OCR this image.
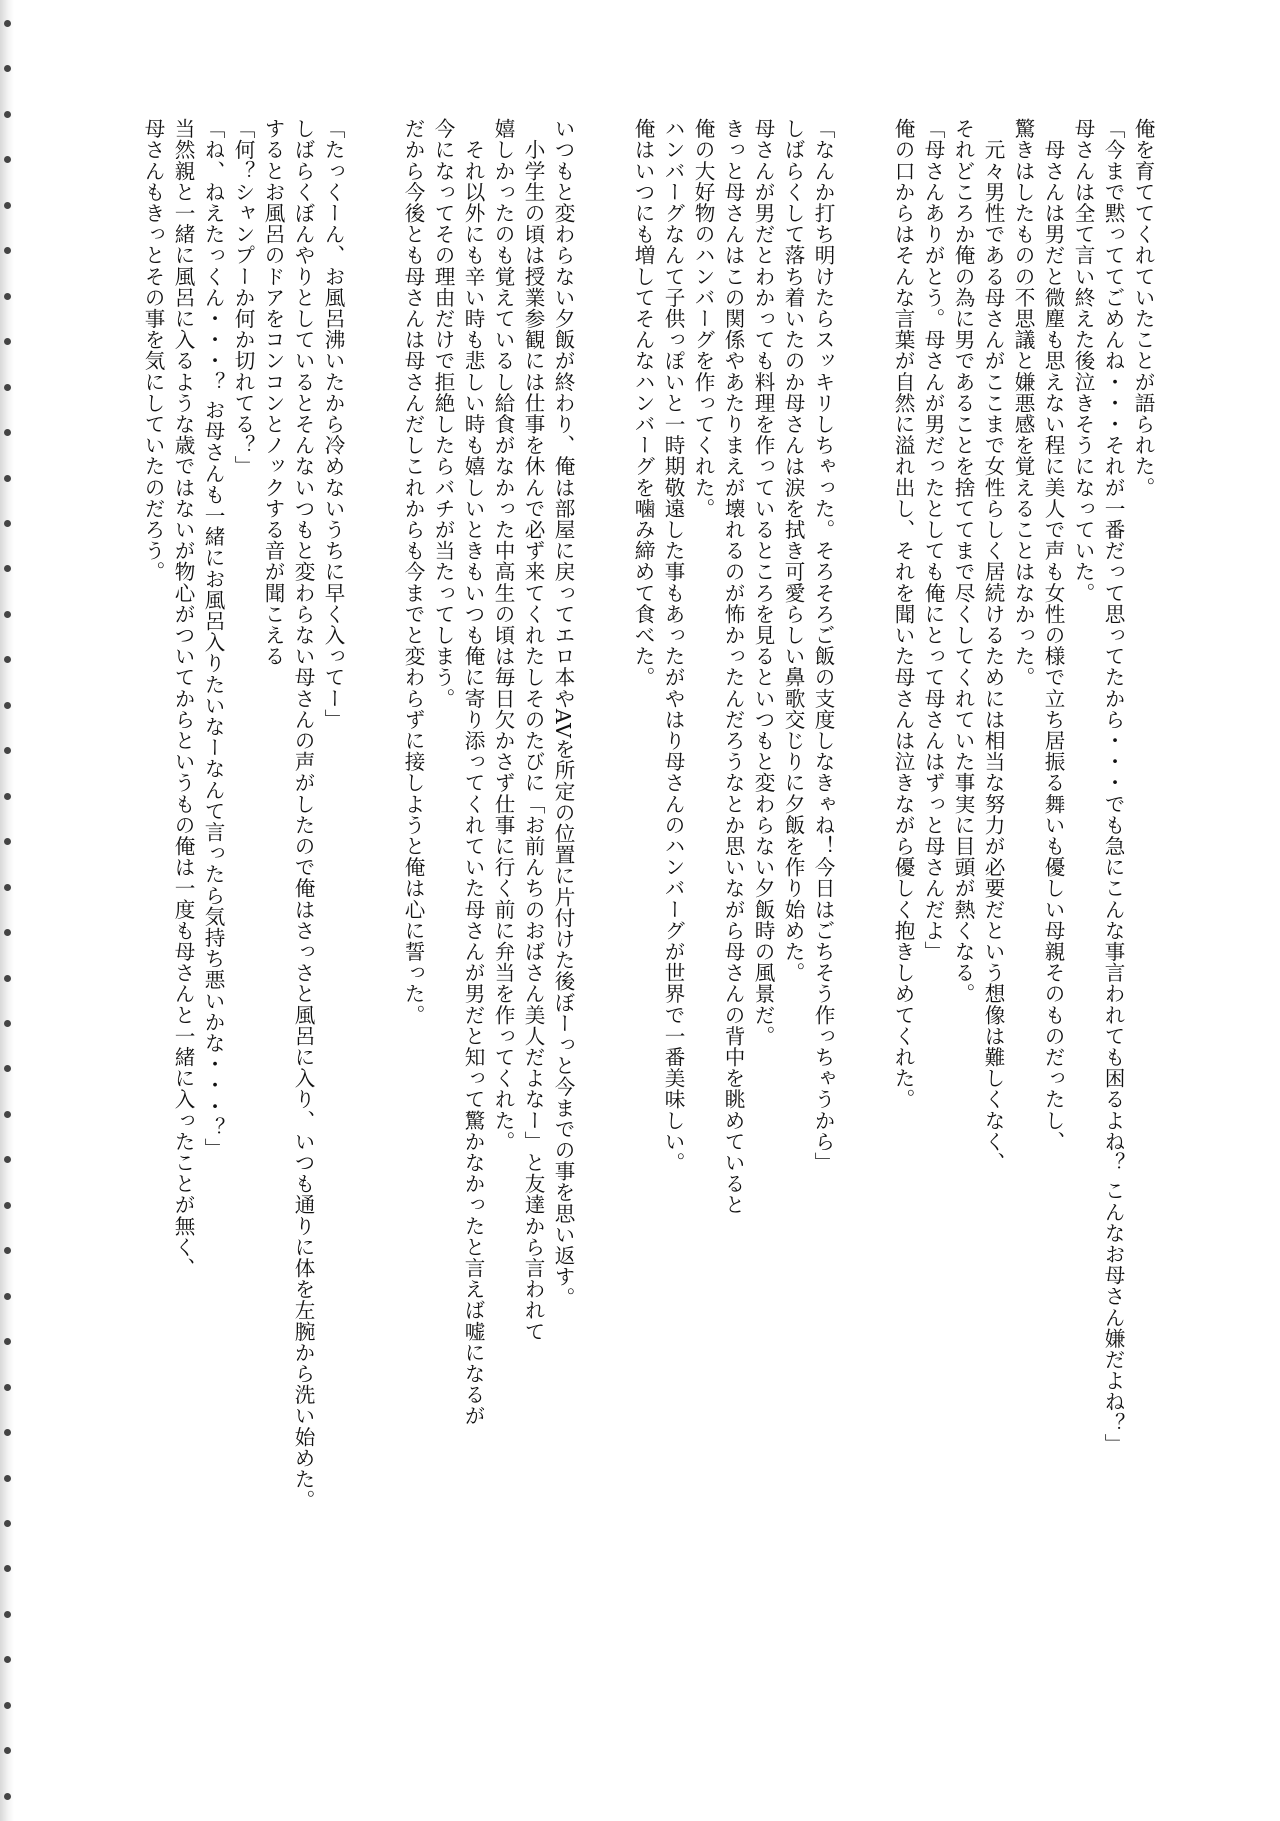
俺を育ててくれていたことが語られた。

「今まで黙っててごめんね・・・それが一番だって思ってたから・・・でも急にこんな事言われても困るよね？ こんなお母さん嫌だよね？」

母さんは全て言い終えた後泣きそうになっていた。

　母さんは男だと微塵も思えない程に美人で声も女性の様で立ち居振る舞いも優しい母親そのものだったし、

驚きはしたものの不思議と嫌悪感を覚えることはなかった。

　元々男性である母さんがここまで女性らしく居続けるためには相当な努力が必要だという想像は難しくなく、

それどころか俺の為に男であることを捨ててまで尽くしてくれていた事実に目頭が熱くなる。

「母さんありがとう。母さんが男だったとしても俺にとって母さんはずっと母さんだよ」

俺の口からはそんな言葉が自然に溢れ出し、それを聞いた母さんは泣きながら優しく抱きしめてくれた。

「なんか打ち明けたらスッキリしちゃった。そろそろご飯の支度しなきゃね！今日はごちそう作っちゃうから」

しばらくして落ち着いたのか母さんは涙を拭き可愛らしい鼻歌交じりに夕飯を作り始めた。

母さんが男だとわかっても料理を作っているところを見るといつもと変わらない夕飯時の風景だ。

きっと母さんはこの関係やあたりまえが壊れるのが怖かったんだろうなとか思いながら母さんの背中を眺めていると

俺の大好物のハンバーグを作ってくれた。

ハンバーグなんて子供っぽいと一時期敬遠した事もあったがやはり母さんのハンバーグが世界で一番美味しい。

俺はいつにも増してそんなハンバーグを噛み締めて食べた。

いつもと変わらない夕飯が終わり、俺は部屋に戻ってエロ本やAVを所定の位置に片付けた後ぼーっと今までの事を思い返す。

　小学生の頃は授業参観には仕事を休んで必ず来てくれたしそのたびに「お前んちのおばさん美人だよなー」と友達から言われて

嬉しかったのも覚えているし給食がなかった中高生の頃は毎日欠かさず仕事に行く前に弁当を作ってくれた。

　それ以外にも辛い時も悲しい時も嬉しいときもいつも俺に寄り添ってくれていた母さんが男だと知って驚かなかったと言えば嘘になるが

今になってその理由だけで拒絶したらバチが当たってしまう。

だから今後とも母さんは母さんだしこれからも今までと変わらずに接しようと俺は心に誓った。

「たっくーん、お風呂沸いたから冷めないうちに早く入ってー」

しばらくぼんやりとしているとそんないつもと変わらない母さんの声がしたので俺はさっさと風呂に入り、いつも通りに体を左腕から洗い始めた。

するとお風呂のドアをコンコンとノックする音が聞こえる

「何？シャンプーか何か切れてる？」

「ね、ねえたっくん・・・？ お母さんも一緒にお風呂入りたいなーなんて言ったら気持ち悪いかな・・・？」

当然親と一緒に風呂に入るような歳ではないが物心がついてからというもの俺は一度も母さんと一緒に入ったことが無く、

母さんもきっとその事を気にしていたのだろう。
